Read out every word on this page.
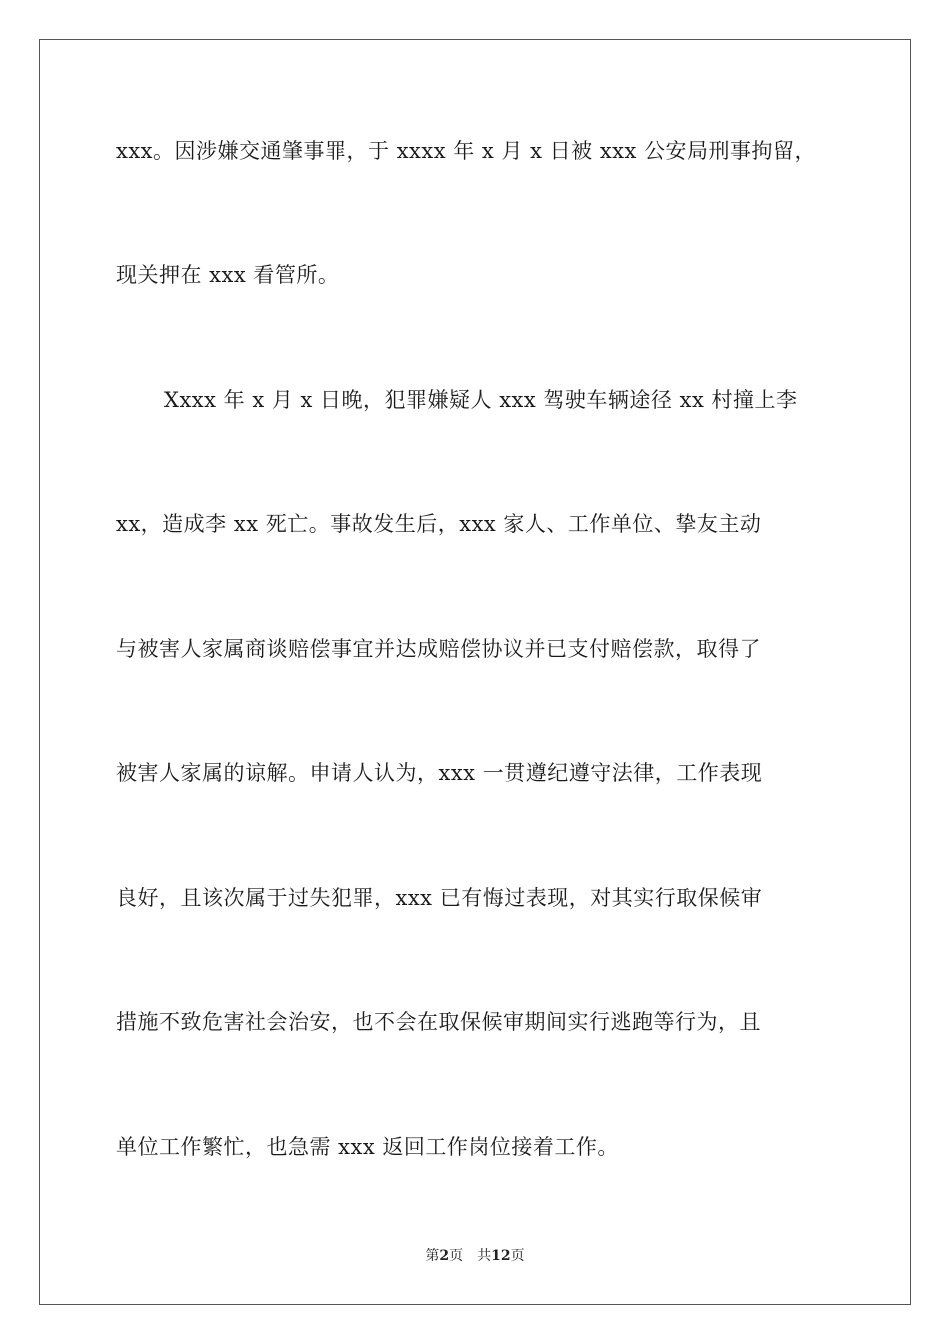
xxx。因涉嫌交通肇事罪，于 xxxx 年 x 月 x 日被 xxx 公安局刑事拘留，
现关押在 xxx 看管所。
Xxxx 年 x 月 x 日晚，犯罪嫌疑人 xxx 驾驶车辆途径 xx 村撞上李
xx，造成李 xx 死亡。事故发生后，xxx 家人、工作单位、挚友主动
与被害人家属商谈赔偿事宜并达成赔偿协议并已支付赔偿款，取得了
被害人家属的谅解。申请人认为，xxx 一贯遵纪遵守法律，工作表现
良好，且该次属于过失犯罪，xxx 已有悔过表现，对其实行取保候审
措施不致危害社会治安，也不会在取保候审期间实行逃跑等行为，且
单位工作繁忙，也急需 xxx 返回工作岗位接着工作。
第2页 共12页
